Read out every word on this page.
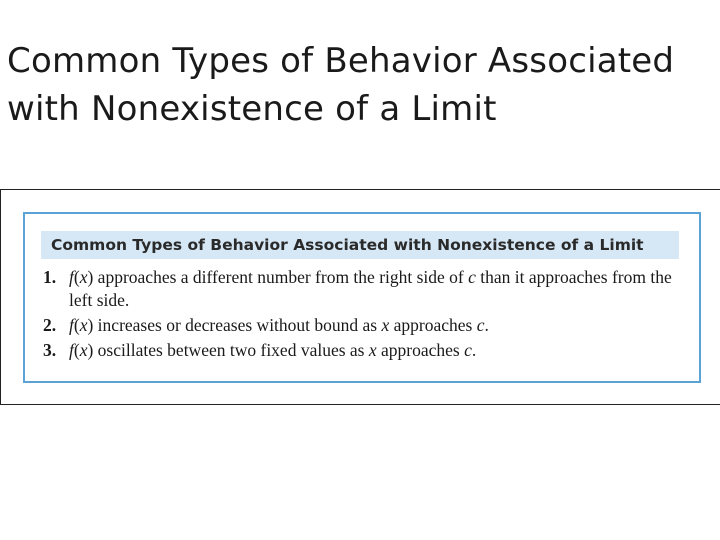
Common Types of Behavior Associated with Nonexistence of a Limit
Common Types of Behavior Associated with Nonexistence of a Limit
1. f(x) approaches a different number from the right side of c than it approaches from the left side.
2. f(x) increases or decreases without bound as x approaches c.
3. f(x) oscillates between two fixed values as x approaches c.
